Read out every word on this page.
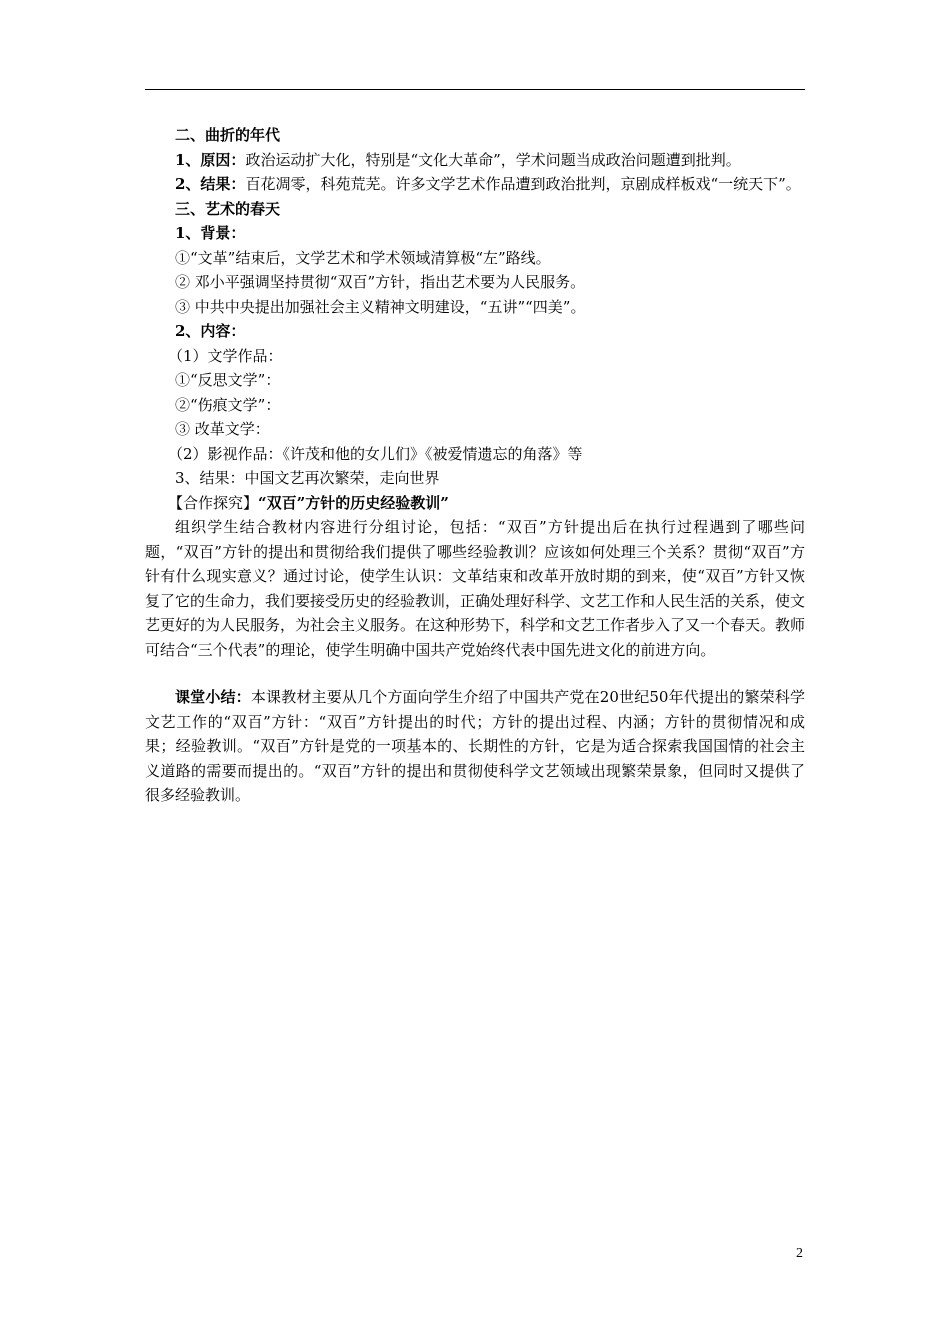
二、曲折的年代

1、原因：政治运动扩大化，特别是“文化大革命”，学术问题当成政治问题遭到批判。

2、结果：百花凋零，科苑荒芜。许多文学艺术作品遭到政治批判，京剧成样板戏“一统天下”。

三、艺术的春天

1、背景：

①“文革”结束后，文学艺术和学术领域清算极“左”路线。

② 邓小平强调坚持贯彻“双百”方针，指出艺术要为人民服务。

③ 中共中央提出加强社会主义精神文明建设，“五讲”“四美”。

2、内容：

（1）文学作品：

①“反思文学”：

②“伤痕文学”：

③ 改革文学：

（2）影视作品：《许茂和他的女儿们》《被爱情遗忘的角落》等

3、结果：中国文艺再次繁荣，走向世界

【合作探究】“双百”方针的历史经验教训”

组织学生结合教材内容进行分组讨论，包括：“双百”方针提出后在执行过程遇到了哪些问题，“双百”方针的提出和贯彻给我们提供了哪些经验教训？应该如何处理三个关系？贯彻“双百”方针有什么现实意义？通过讨论，使学生认识：文革结束和改革开放时期的到来，使“双百”方针又恢复了它的生命力，我们要接受历史的经验教训，正确处理好科学、文艺工作和人民生活的关系，使文艺更好的为人民服务，为社会主义服务。在这种形势下，科学和文艺工作者步入了又一个春天。教师可结合“三个代表”的理论，使学生明确中国共产党始终代表中国先进文化的前进方向。

课堂小结：本课教材主要从几个方面向学生介绍了中国共产党在20世纪50年代提出的繁荣科学文艺工作的“双百”方针：“双百”方针提出的时代；方针的提出过程、内涵；方针的贯彻情况和成果；经验教训。“双百”方针是党的一项基本的、长期性的方针，它是为适合探索我国国情的社会主义道路的需要而提出的。“双百”方针的提出和贯彻使科学文艺领域出现繁荣景象，但同时又提供了很多经验教训。

2
